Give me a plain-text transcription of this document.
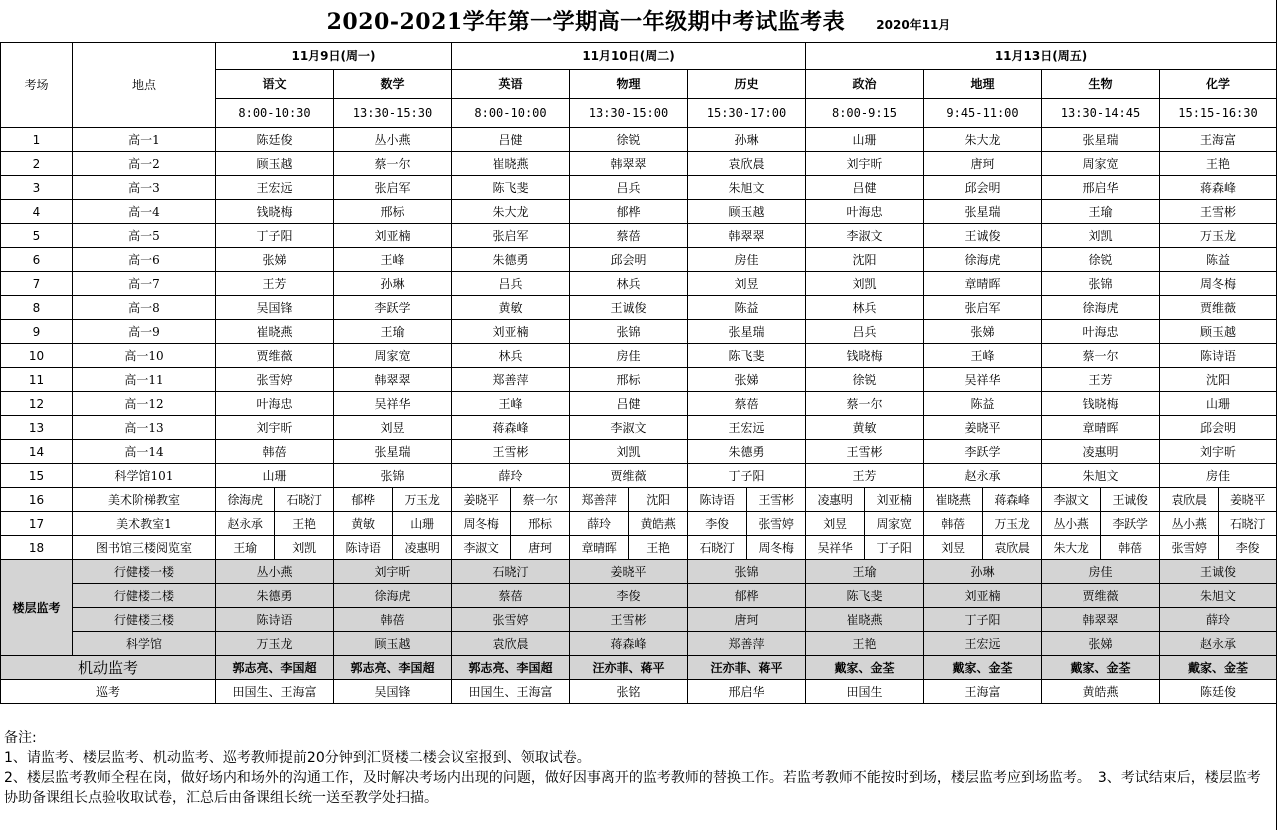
2020-2021学年第一学期高一年级期中考试监考表	2020年11月
考场	地点	11月9日(周一)				11月10日(周二)						11月13日(周五)							
		语文		数学		英语		物理		历史		政治		地理		生物		化学	
		8:00-10:30		13:30-15:30		8:00-10:00		13:30-15:00		15:30-17:00		8:00-9:15		9:45-11:00		13:30-14:45		15:15-16:30	
1	高一1	陈廷俊		丛小燕		吕健		徐锐		孙琳		山珊		朱大龙		张星瑞		王海富	
2	高一2	顾玉越		蔡一尔		崔晓燕		韩翠翠		袁欣晨		刘宇昕		唐珂		周家宽		王艳	
3	高一3	王宏远		张启军		陈飞斐		吕兵		朱旭文		吕健		邱会明		邢启华		蒋森峰	
4	高一4	钱晓梅		邢标		朱大龙		郁桦		顾玉越		叶海忠		张星瑞		王瑜		王雪彬	
5	高一5	丁子阳		刘亚楠		张启军		蔡蓓		韩翠翠		李淑文		王诚俊		刘凯		万玉龙	
6	高一6	张娣		王峰		朱德勇		邱会明		房佳		沈阳		徐海虎		徐锐		陈益	
7	高一7	王芳		孙琳		吕兵		林兵		刘昱		刘凯		章晴晖		张锦		周冬梅	
8	高一8	吴国锋		李跃学		黄敏		王诚俊		陈益		林兵		张启军		徐海虎		贾维薇	
9	高一9	崔晓燕		王瑜		刘亚楠		张锦		张星瑞		吕兵		张娣		叶海忠		顾玉越	
10	高一10	贾维薇		周家宽		林兵		房佳		陈飞斐		钱晓梅		王峰		蔡一尔		陈诗语	
11	高一11	张雪婷		韩翠翠		郑善萍		邢标		张娣		徐锐		吴祥华		王芳		沈阳	
12	高一12	叶海忠		吴祥华		王峰		吕健		蔡蓓		蔡一尔		陈益		钱晓梅		山珊	
13	高一13	刘宇昕		刘昱		蒋森峰		李淑文		王宏远		黄敏		姜晓平		章晴晖		邱会明	
14	高一14	韩蓓		张星瑞		王雪彬		刘凯		朱德勇		王雪彬		李跃学		凌惠明		刘宇昕	
15	科学馆101	山珊		张锦		薛玲		贾维薇		丁子阳		王芳		赵永承		朱旭文		房佳	
16	美术阶梯教室	徐海虎	石晓汀	郁桦	万玉龙	姜晓平	蔡一尔	郑善萍	沈阳	陈诗语	王雪彬	凌惠明	刘亚楠	崔晓燕	蒋森峰	李淑文	王诚俊	袁欣晨	姜晓平
17	美术教室1	赵永承	王艳	黄敏	山珊	周冬梅	邢标	薛玲	黄皓燕	李俊	张雪婷	刘昱	周家宽	韩蓓	万玉龙	丛小燕	李跃学	丛小燕	石晓汀
18	图书馆三楼阅览室	王瑜	刘凯	陈诗语	凌惠明	李淑文	唐珂	章晴晖	王艳	石晓汀	周冬梅	吴祥华	丁子阳	刘昱	袁欣晨	朱大龙	韩蓓	张雪婷	李俊
楼层监考	行健楼一楼	丛小燕		刘宇昕		石晓汀		姜晓平		张锦		王瑜		孙琳		房佳		王诚俊	
	行健楼二楼	朱德勇		徐海虎		蔡蓓		李俊		郁桦		陈飞斐		刘亚楠		贾维薇		朱旭文	
	行健楼三楼	陈诗语		韩蓓		张雪婷		王雪彬		唐珂		崔晓燕		丁子阳		韩翠翠		薛玲	
	科学馆	万玉龙		顾玉越		袁欣晨		蒋森峰		郑善萍		王艳		王宏远		张娣		赵永承	
机动监考		郭志亮、李国超		郭志亮、李国超		郭志亮、李国超		汪亦菲、蒋平		汪亦菲、蒋平		戴家、金荃		戴家、金荃		戴家、金荃		戴家、金荃	
巡考		田国生、王海富		吴国锋		田国生、王海富		张铭		邢启华		田国生		王海富		黄皓燕		陈廷俊	
备注:
1、请监考、楼层监考、机动监考、巡考教师提前20分钟到汇贤楼二楼会议室报到、领取试卷。
2、楼层监考教师全程在岗，做好场内和场外的沟通工作，及时解决考场内出现的问题，做好因事离开的监考教师的替换工作。若监考教师不能按时到场，楼层监考应到场监考。　3、考试结束后，楼层监考协助备课组长点验收取试卷，汇总后由备课组长统一送至教学处扫描。
